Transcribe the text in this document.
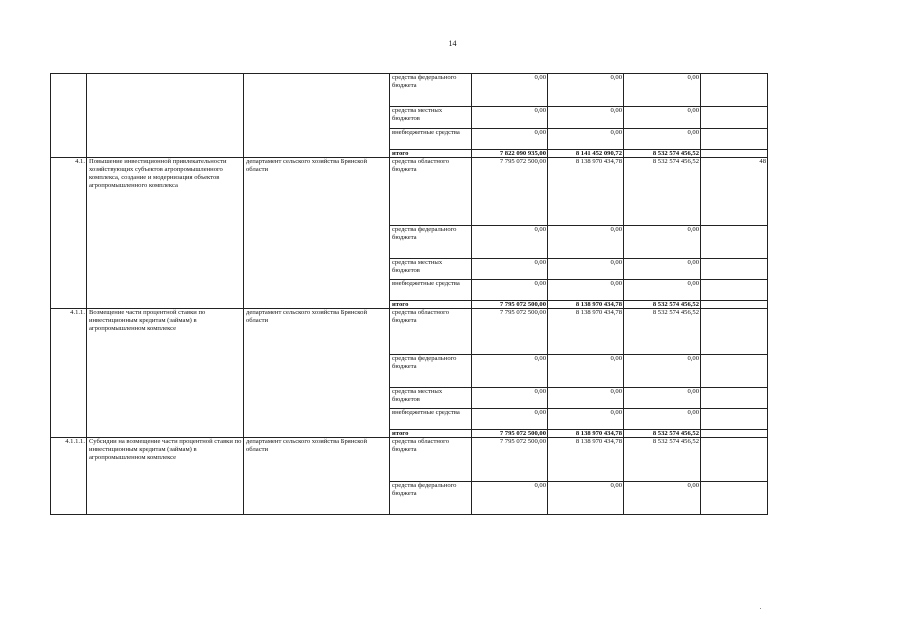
14
			средства федерального бюджета	0,00	0,00	0,00	
			средства местных бюджетов	0,00	0,00	0,00	
			внебюджетные средства	0,00	0,00	0,00	
			итого	7 822 090 935,00	8 141 452 090,72	8 532 574 456,52	
4.1.	Повышение инвестиционной привлекательности хозяйствующих субъектов агропромышленного комплекса, создание и модернизация объектов агропромышленного комплекса	департамент сельского хозяйства Брянской области	средства областного бюджета	7 795 072 500,00	8 138 970 434,78	8 532 574 456,52	48
			средства федерального бюджета	0,00	0,00	0,00	
			средства местных бюджетов	0,00	0,00	0,00	
			внебюджетные средства	0,00	0,00	0,00	
			итого	7 795 072 500,00	8 138 970 434,78	8 532 574 456,52	
4.1.1.	Возмещение части процентной ставки по инвестиционным кредитам (займам) в агропромышленном комплексе	департамент сельского хозяйства Брянской области	средства областного бюджета	7 795 072 500,00	8 138 970 434,78	8 532 574 456,52	
			средства федерального бюджета	0,00	0,00	0,00	
			средства местных бюджетов	0,00	0,00	0,00	
			внебюджетные средства	0,00	0,00	0,00	
			итого	7 795 072 500,00	8 138 970 434,78	8 532 574 456,52	
4.1.1.1.	Субсидии на возмещение части процентной ставки по инвестиционным кредитам (займам) в агропромышленном комплексе	департамент сельского хозяйства Брянской области	средства областного бюджета	7 795 072 500,00	8 138 970 434,78	8 532 574 456,52	
			средства федерального бюджета	0,00	0,00	0,00	
